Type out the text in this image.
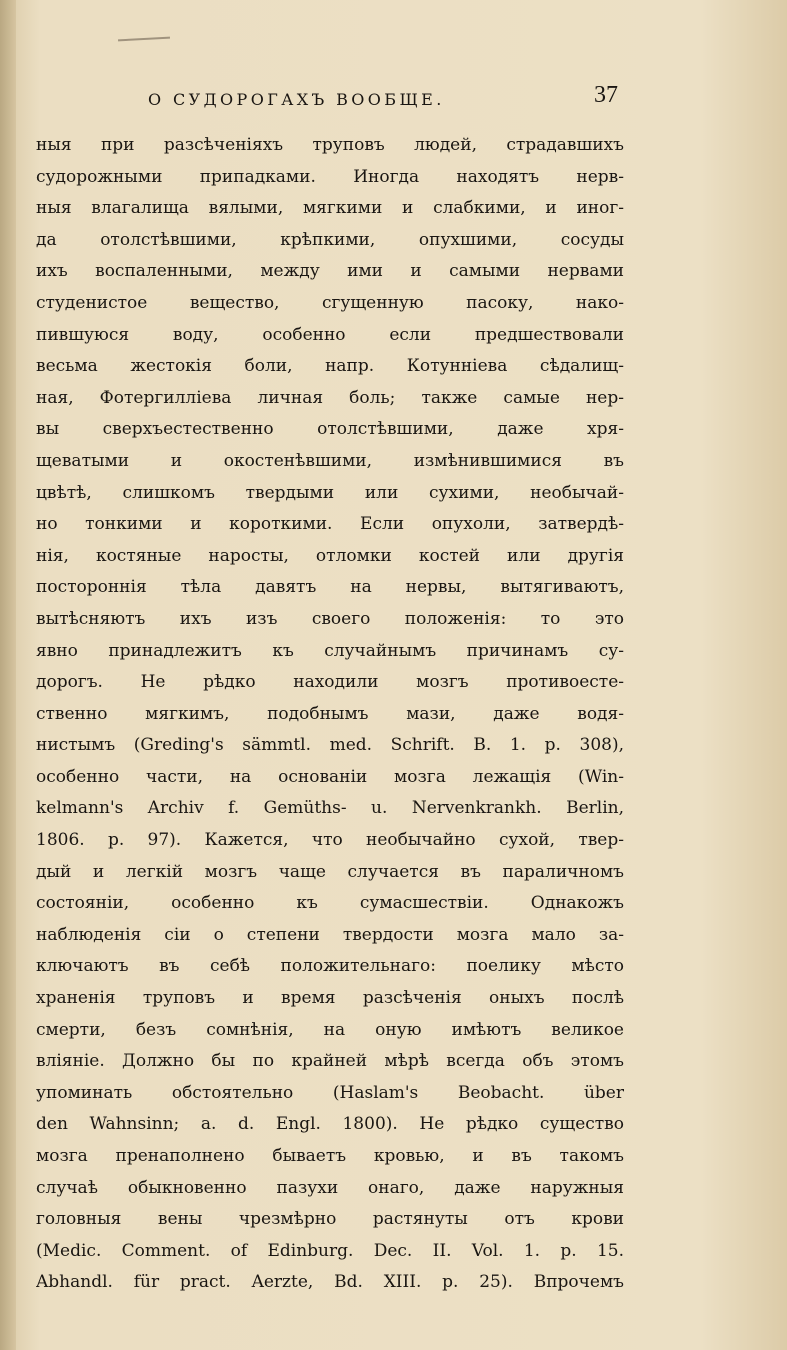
О СУДОРОГАХЪ ВООБЩЕ.	37
ныя при разсѣченіяхъ труповъ людей, страдавшихъ
судорожными припадками. Иногда находятъ нерв-
ныя влагалища вялыми, мягкими и слабкими, и иног-
да отолстѣвшими, крѣпкими, опухшими, сосуды
ихъ воспаленными, между ими и самыми нервами
студенистое вещество, сгущенную пасоку, нако-
пившуюся воду, особенно если предшествовали
весьма жестокія боли, напр. Котунніева сѣдалищ-
ная, Фотергилліева личная боль; также самые нер-
вы сверхъестественно отолстѣвшими, даже хря-
щеватыми и окостенѣвшими, измѣнившимися въ
цвѣтѣ, слишкомъ твердыми или сухими, необычай-
но тонкими и короткими. Если опухоли, затвердѣ-
нія, костяные наросты, отломки костей или другія
постороннія тѣла давятъ на нервы, вытягиваютъ,
вытѣсняютъ ихъ изъ своего положенія: то это
явно принадлежитъ къ случайнымъ причинамъ су-
дорогъ. Не рѣдко находили мозгъ противоесте-
ственно мягкимъ, подобнымъ мази, даже водя-
нистымъ (Greding's sämmtl. med. Schrift. B. 1. p. 308),
особенно части, на основаніи мозга лежащія (Win-
kelmann's Archiv f. Gemüths- u. Nervenkrankh. Berlin,
1806. p. 97). Кажется, что необычайно сухой, твер-
дый и легкій мозгъ чаще случается въ параличномъ
состояніи, особенно къ сумасшествіи. Однакожъ
наблюденія сіи о степени твердости мозга мало за-
ключаютъ въ себѣ положительнаго: поелику мѣсто
храненія труповъ и время разсѣченія оныхъ послѣ
смерти, безъ сомнѣнія, на оную имѣютъ великое
вліяніе. Должно бы по крайней мѣрѣ всегда объ этомъ
упоминать обстоятельно (Haslam's Beobacht. über
den Wahnsinn; a. d. Engl. 1800). Не рѣдко существо
мозга пренаполнено бываетъ кровью, и въ такомъ
случаѣ обыкновенно пазухи онаго, даже наружныя
головныя вены чрезмѣрно растянуты отъ крови
(Medic. Comment. of Edinburg. Dec. II. Vol. 1. p. 15.
Abhandl. für pract. Aerzte, Bd. XIII. p. 25). Впрочемъ
